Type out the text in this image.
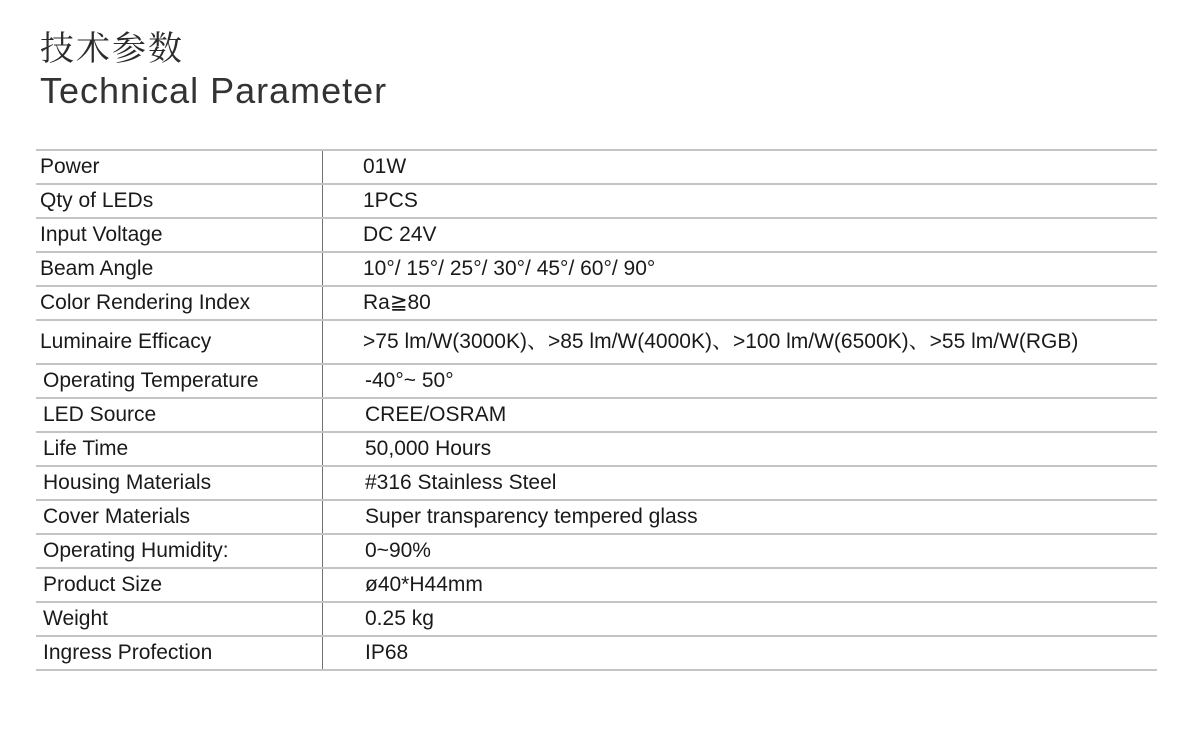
技术参数
Technical Parameter
Power	01W
Qty of LEDs	1PCS
Input Voltage	DC 24V
Beam Angle	10°/ 15°/ 25°/ 30°/ 45°/ 60°/ 90°
Color Rendering Index	Ra≧80
Luminaire Efficacy	>75 lm/W(3000K)、>85 lm/W(4000K)、>100 lm/W(6500K)、>55 lm/W(RGB)
Operating Temperature	-40°~ 50°
LED Source	CREE/OSRAM
Life Time	50,000 Hours
Housing Materials	#316 Stainless Steel
Cover Materials	Super transparency tempered glass
Operating Humidity:	0~90%
Product Size	ø40*H44mm
Weight	0.25 kg
Ingress Profection	IP68
